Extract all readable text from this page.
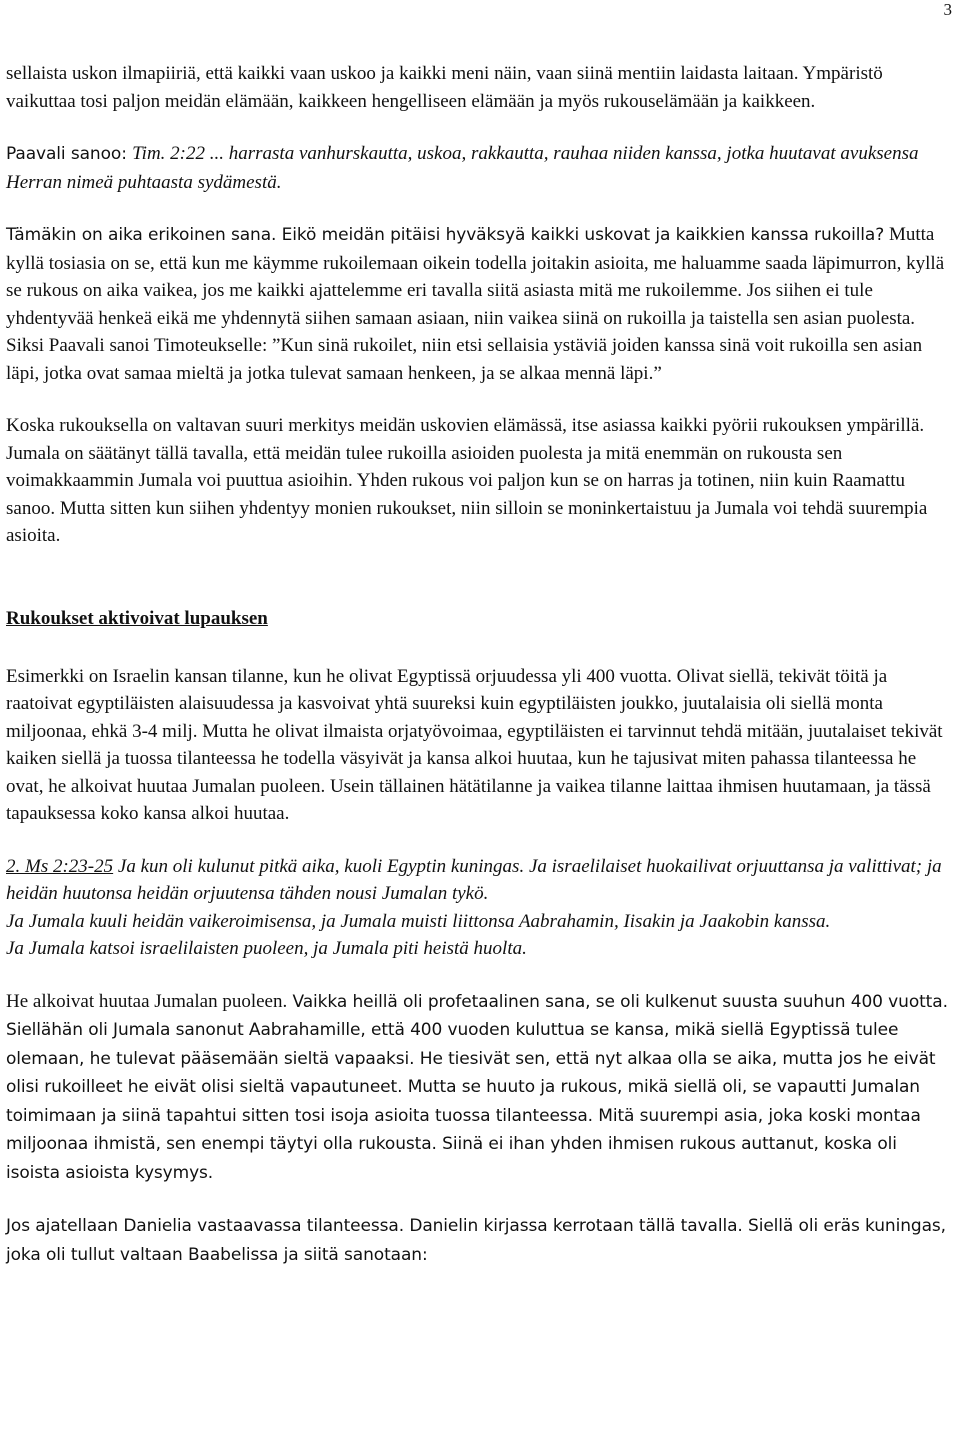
3

sellaista uskon ilmapiiriä, että kaikki vaan uskoo ja kaikki meni näin, vaan siinä mentiin laidasta laitaan. Ympäristö vaikuttaa tosi paljon meidän elämään, kaikkeen hengelliseen elämään ja myös rukouselämään ja kaikkeen.

Paavali sanoo: Tim. 2:22 ... harrasta vanhurskautta, uskoa, rakkautta, rauhaa niiden kanssa, jotka huutavat avuksensa Herran nimeä puhtaasta sydämestä.

Tämäkin on aika erikoinen sana. Eikö meidän pitäisi hyväksyä kaikki uskovat ja kaikkien kanssa rukoilla? Mutta kyllä tosiasia on se, että kun me käymme rukoilemaan oikein todella joitakin asioita, me haluamme saada läpimurron, kyllä se rukous on aika vaikea, jos me kaikki ajattelemme eri tavalla siitä asiasta mitä me rukoilemme. Jos siihen ei tule yhdentyvää henkeä eikä me yhdennytä siihen samaan asiaan, niin vaikea siinä on rukoilla ja taistella sen asian puolesta. Siksi Paavali sanoi Timoteukselle: ”Kun sinä rukoilet, niin etsi sellaisia ystäviä joiden kanssa sinä voit rukoilla sen asian läpi, jotka ovat samaa mieltä ja jotka tulevat samaan henkeen, ja se alkaa mennä läpi.”

Koska rukouksella on valtavan suuri merkitys meidän uskovien elämässä, itse asiassa kaikki pyörii rukouksen ympärillä. Jumala on säätänyt tällä tavalla, että meidän tulee rukoilla asioiden puolesta ja mitä enemmän on rukousta sen voimakkaammin Jumala voi puuttua asioihin. Yhden rukous voi paljon kun se on harras ja totinen, niin kuin Raamattu sanoo. Mutta sitten kun siihen yhdentyy monien rukoukset, niin silloin se moninkertaistuu ja Jumala voi tehdä suurempia asioita.

Rukoukset aktivoivat lupauksen

Esimerkki on Israelin kansan tilanne, kun he olivat Egyptissä orjuudessa yli 400 vuotta. Olivat siellä, tekivät töitä ja raatoivat egyptiläisten alaisuudessa ja kasvoivat yhtä suureksi kuin egyptiläisten joukko, juutalaisia oli siellä monta miljoonaa, ehkä 3-4 milj. Mutta he olivat ilmaista orjatyövoimaa, egyptiläisten ei tarvinnut tehdä mitään, juutalaiset tekivät kaiken siellä ja tuossa tilanteessa he todella väsyivät ja kansa alkoi huutaa, kun he tajusivat miten pahassa tilanteessa he ovat, he alkoivat huutaa Jumalan puoleen. Usein tällainen hätätilanne ja vaikea tilanne laittaa ihmisen huutamaan, ja tässä tapauksessa koko kansa alkoi huutaa.

2. Ms 2:23-25 Ja kun oli kulunut pitkä aika, kuoli Egyptin kuningas. Ja israelilaiset huokailivat orjuuttansa ja valittivat; ja heidän huutonsa heidän orjuutensa tähden nousi Jumalan tykö.

Ja Jumala kuuli heidän vaikeroimisensa, ja Jumala muisti liittonsa Aabrahamin, Iisakin ja Jaakobin kanssa.

Ja Jumala katsoi israelilaisten puoleen, ja Jumala piti heistä huolta.

He alkoivat huutaa Jumalan puoleen. Vaikka heillä oli profetaalinen sana, se oli kulkenut suusta suuhun 400 vuotta. Siellähän oli Jumala sanonut Aabrahamille, että 400 vuoden kuluttua se kansa, mikä siellä Egyptissä tulee olemaan, he tulevat pääsemään sieltä vapaaksi. He tiesivät sen, että nyt alkaa olla se aika, mutta jos he eivät olisi rukoilleet he eivät olisi sieltä vapautuneet. Mutta se huuto ja rukous, mikä siellä oli, se vapautti Jumalan toimimaan ja siinä tapahtui sitten tosi isoja asioita tuossa tilanteessa. Mitä suurempi asia, joka koski montaa miljoonaa ihmistä, sen enempi täytyi olla rukousta. Siinä ei ihan yhden ihmisen rukous auttanut, koska oli isoista asioista kysymys.

Jos ajatellaan Danielia vastaavassa tilanteessa. Danielin kirjassa kerrotaan tällä tavalla. Siellä oli eräs kuningas, joka oli tullut valtaan Baabelissa ja siitä sanotaan:
